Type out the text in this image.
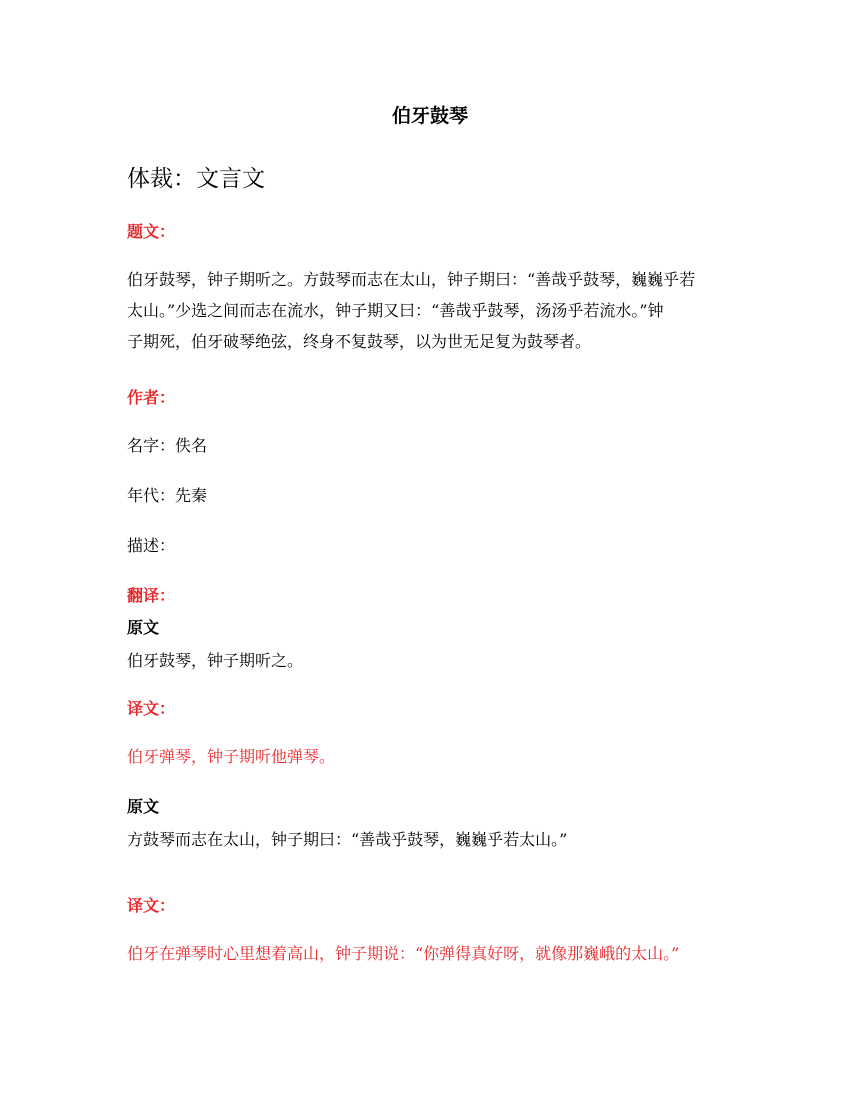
伯牙鼓琴
体裁：文言文
题文：
伯牙鼓琴，钟子期听之。方鼓琴而志在太山，钟子期曰：“善哉乎鼓琴，巍巍乎若
太山。”少选之间而志在流水，钟子期又曰：“善哉乎鼓琴，汤汤乎若流水。”钟
子期死，伯牙破琴绝弦，终身不复鼓琴，以为世无足复为鼓琴者。
作者：
名字：佚名
年代：先秦
描述：
翻译：
原文
伯牙鼓琴，钟子期听之。
译文：
伯牙弹琴，钟子期听他弹琴。
原文
方鼓琴而志在太山，钟子期曰：“善哉乎鼓琴，巍巍乎若太山。”
译文：
伯牙在弹琴时心里想着高山，钟子期说：“你弹得真好呀，就像那巍峨的太山。”
